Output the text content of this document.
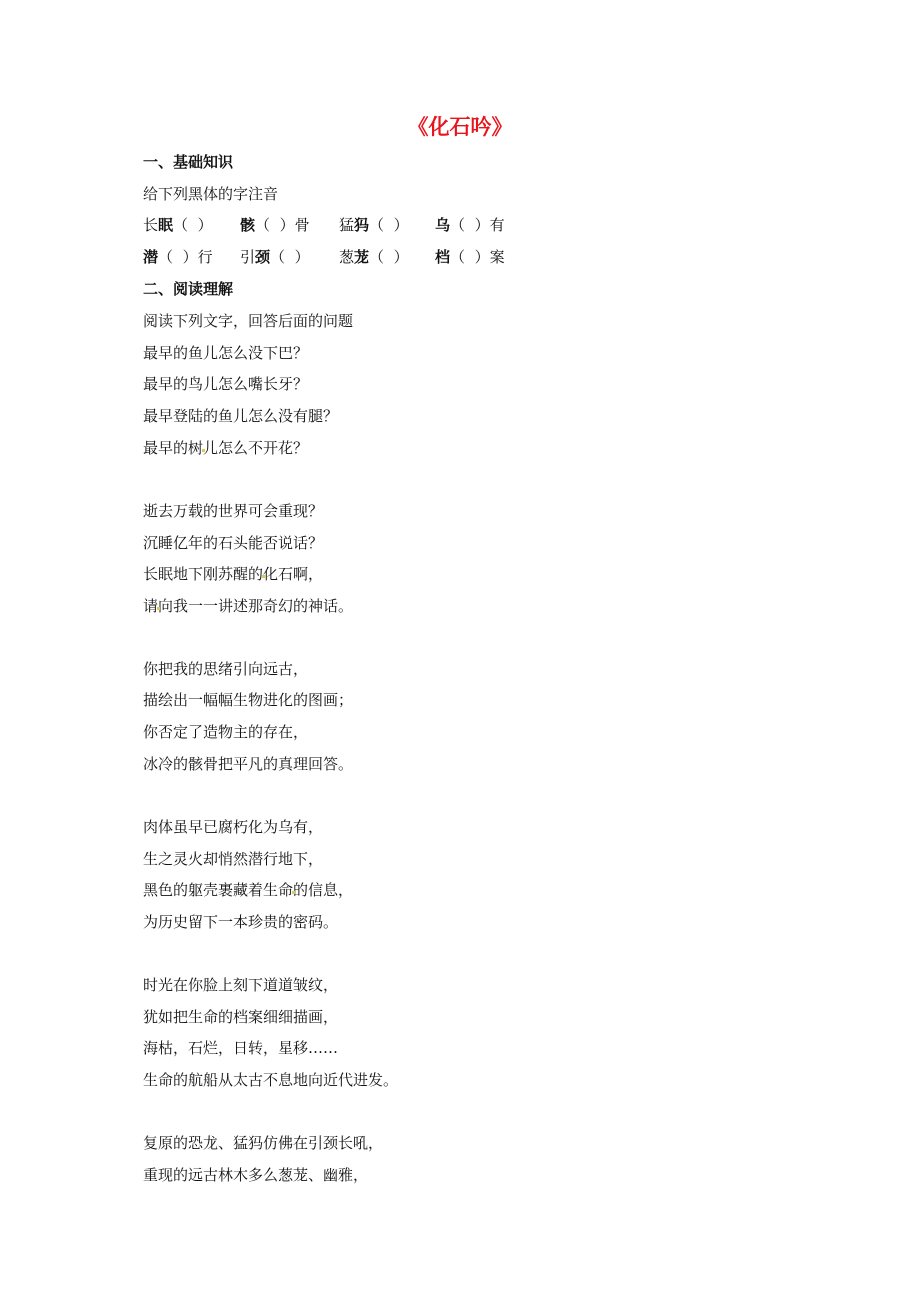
《化石吟》
一、基础知识
给下列黑体的字注音
长眠（ ） 骸（ ）骨 猛犸（ ） 乌（ ）有
潜（ ）行 引颈（ ） 葱茏（ ） 档（ ）案
二、阅读理解
阅读下列文字，回答后面的问题
最早的鱼儿怎么没下巴？
最早的鸟儿怎么嘴长牙？
最早登陆的鱼儿怎么没有腿？
最早的树儿怎么不开花？
逝去万载的世界可会重现？
沉睡亿年的石头能否说话？
长眠地下刚苏醒的化石啊，
请向我一一讲述那奇幻的神话。
你把我的思绪引向远古，
描绘出一幅幅生物进化的图画；
你否定了造物主的存在，
冰冷的骸骨把平凡的真理回答。
肉体虽早已腐朽化为乌有，
生之灵火却悄然潜行地下，
黑色的躯壳裹藏着生命的信息，
为历史留下一本珍贵的密码。
时光在你脸上刻下道道皱纹，
犹如把生命的档案细细描画，
海枯，石烂，日转，星移……
生命的航船从太古不息地向近代进发。
复原的恐龙、猛犸仿佛在引颈长吼，
重现的远古林木多么葱茏、幽雅，
